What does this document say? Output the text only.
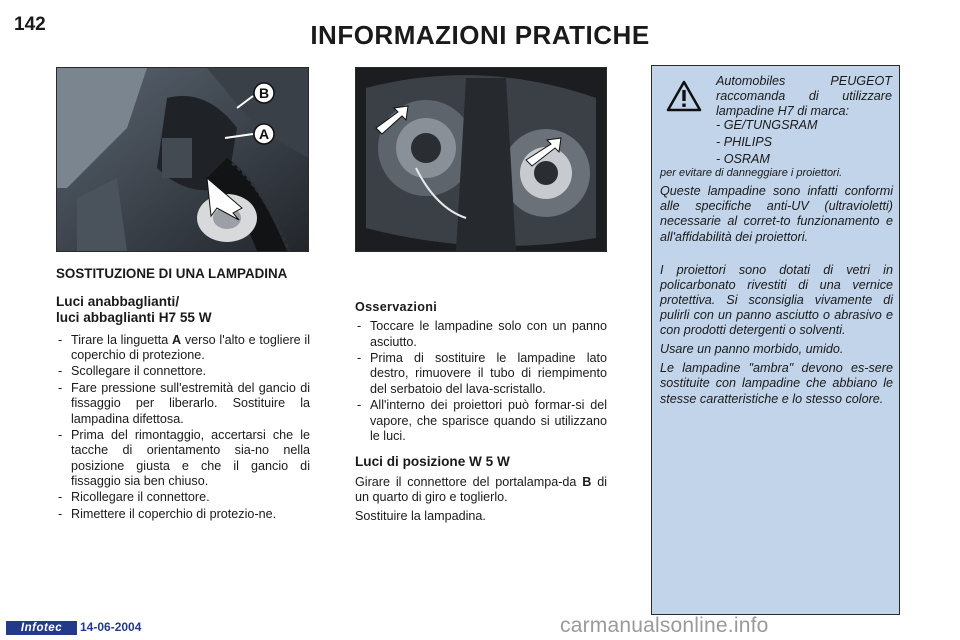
142	INFORMAZIONI PRATICHE
B
A
SOSTITUZIONE DI UNA LAMPADINA
Luci anabbaglianti/
luci abbaglianti H7 55 W
- Tirare la linguetta A verso l'alto e togliere il coperchio di protezione.
- Scollegare il connettore.
- Fare pressione sull'estremità del gancio di fissaggio per liberarlo. Sostituire la lampadina difettosa.
- Prima del rimontaggio, accertarsi che le tacche di orientamento sia-no nella posizione giusta e che il gancio di fissaggio sia ben chiuso.
- Ricollegare il connettore.
- Rimettere il coperchio di protezio-ne.
Osservazioni
- Toccare le lampadine solo con un panno asciutto.
- Prima di sostituire le lampadine lato destro, rimuovere il tubo di riempimento del serbatoio del lava-scristallo.
- All'interno dei proiettori può formar-si del vapore, che sparisce quando si utilizzano le luci.
Luci di posizione W 5 W

Girare il connettore del portalampa-da B di un quarto di giro e toglierlo.

Sostituire la lampadina.

Automobiles PEUGEOT raccomanda di utilizzare lampadine H7 di marca:
- GE/TUNGSRAM
- PHILIPS
- OSRAM

per evitare di danneggiare i proiettori.

Queste lampadine sono infatti conformi alle specifiche anti-UV (ultravioletti) necessarie al corret-to funzionamento e all'affidabilità dei proiettori.

I proiettori sono dotati di vetri in policarbonato rivestiti di una vernice protettiva. Si sconsiglia vivamente di pulirli con un panno asciutto o abrasivo e con prodotti detergenti o solventi.

Usare un panno morbido, umido.

Le lampadine "ambra" devono es-sere sostituite con lampadine che abbiano le stesse caratteristiche e lo stesso colore.

Infotec	14-06-2004	carmanualsonline.info
